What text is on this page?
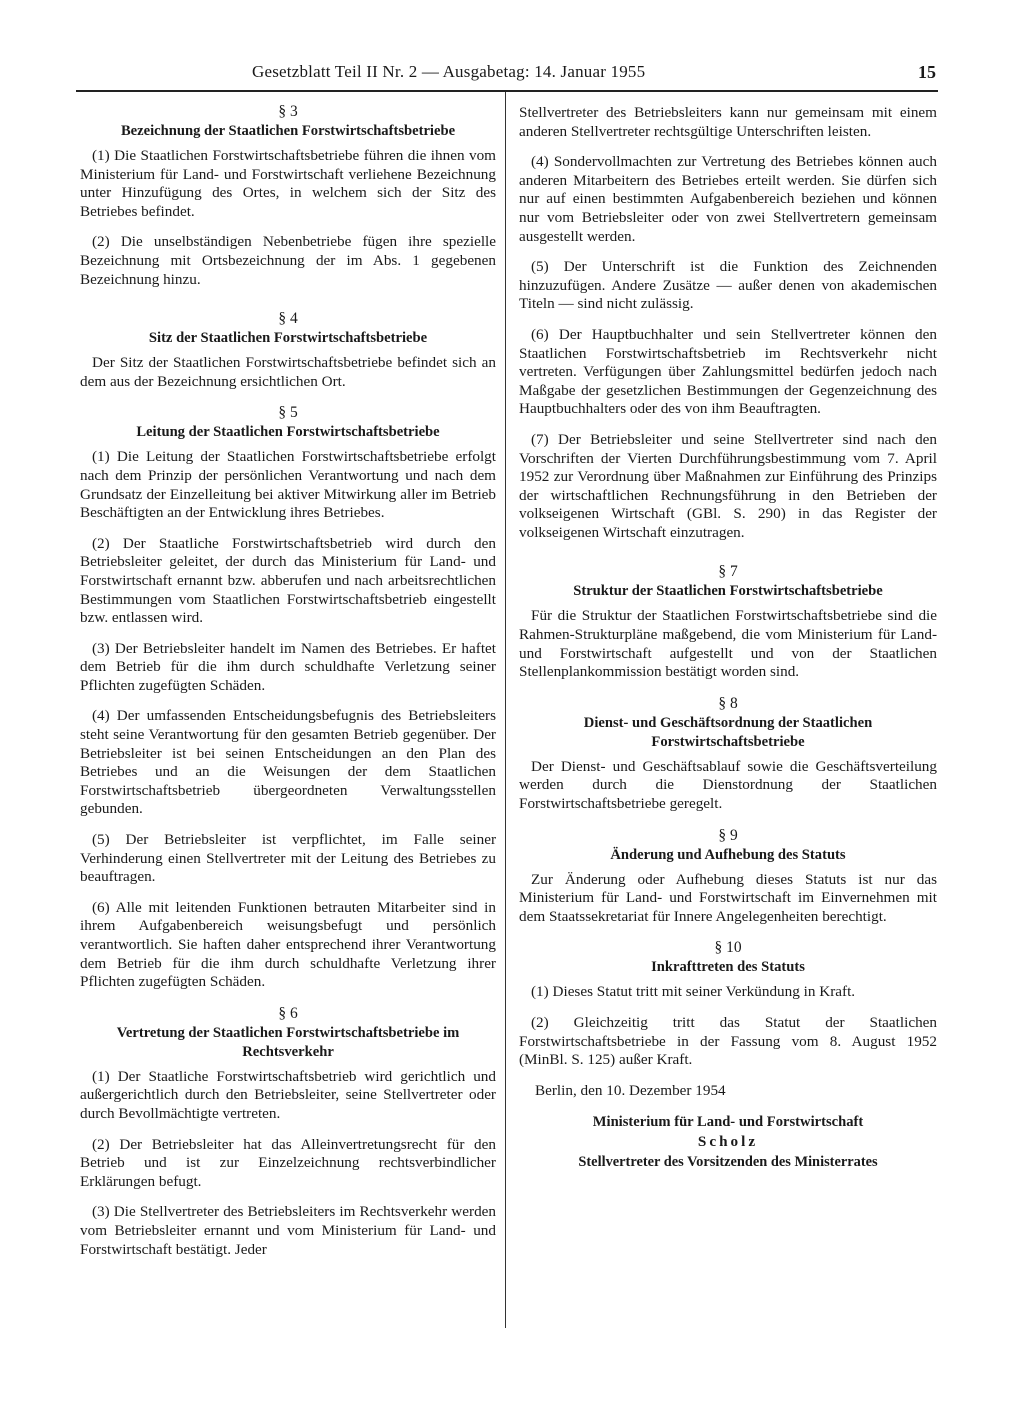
Gesetzblatt Teil II Nr. 2 — Ausgabetag: 14. Januar 1955	15

§ 3

Bezeichnung der Staatlichen Forstwirtschaftsbetriebe

(1) Die Staatlichen Forstwirtschaftsbetriebe führen die ihnen vom Ministerium für Land- und Forstwirtschaft verliehene Bezeichnung unter Hinzufügung des Ortes, in welchem sich der Sitz des Betriebes befindet.

(2) Die unselbständigen Nebenbetriebe fügen ihre spezielle Bezeichnung mit Ortsbezeichnung der im Abs. 1 gegebenen Bezeichnung hinzu.

§ 4

Sitz der Staatlichen Forstwirtschaftsbetriebe

Der Sitz der Staatlichen Forstwirtschaftsbetriebe befindet sich an dem aus der Bezeichnung ersichtlichen Ort.

§ 5

Leitung der Staatlichen Forstwirtschaftsbetriebe

(1) Die Leitung der Staatlichen Forstwirtschaftsbetriebe erfolgt nach dem Prinzip der persönlichen Verantwortung und nach dem Grundsatz der Einzelleitung bei aktiver Mitwirkung aller im Betrieb Beschäftigten an der Entwicklung ihres Betriebes.

(2) Der Staatliche Forstwirtschaftsbetrieb wird durch den Betriebsleiter geleitet, der durch das Ministerium für Land- und Forstwirtschaft ernannt bzw. abberufen und nach arbeitsrechtlichen Bestimmungen vom Staatlichen Forstwirtschaftsbetrieb eingestellt bzw. entlassen wird.

(3) Der Betriebsleiter handelt im Namen des Betriebes. Er haftet dem Betrieb für die ihm durch schuldhafte Verletzung seiner Pflichten zugefügten Schäden.

(4) Der umfassenden Entscheidungsbefugnis des Betriebsleiters steht seine Verantwortung für den gesamten Betrieb gegenüber. Der Betriebsleiter ist bei seinen Entscheidungen an den Plan des Betriebes und an die Weisungen der dem Staatlichen Forstwirtschaftsbetrieb übergeordneten Verwaltungsstellen gebunden.

(5) Der Betriebsleiter ist verpflichtet, im Falle seiner Verhinderung einen Stellvertreter mit der Leitung des Betriebes zu beauftragen.

(6) Alle mit leitenden Funktionen betrauten Mitarbeiter sind in ihrem Aufgabenbereich weisungsbefugt und persönlich verantwortlich. Sie haften daher entsprechend ihrer Verantwortung dem Betrieb für die ihm durch schuldhafte Verletzung ihrer Pflichten zugefügten Schäden.

§ 6

Vertretung der Staatlichen Forstwirtschaftsbetriebe im Rechtsverkehr

(1) Der Staatliche Forstwirtschaftsbetrieb wird gerichtlich und außergerichtlich durch den Betriebsleiter, seine Stellvertreter oder durch Bevollmächtigte vertreten.

(2) Der Betriebsleiter hat das Alleinvertretungsrecht für den Betrieb und ist zur Einzelzeichnung rechtsverbindlicher Erklärungen befugt.

(3) Die Stellvertreter des Betriebsleiters im Rechtsverkehr werden vom Betriebsleiter ernannt und vom Ministerium für Land- und Forstwirtschaft bestätigt. Jeder

Stellvertreter des Betriebsleiters kann nur gemeinsam mit einem anderen Stellvertreter rechtsgültige Unterschriften leisten.

(4) Sondervollmachten zur Vertretung des Betriebes können auch anderen Mitarbeitern des Betriebes erteilt werden. Sie dürfen sich nur auf einen bestimmten Aufgabenbereich beziehen und können nur vom Betriebsleiter oder von zwei Stellvertretern gemeinsam ausgestellt werden.

(5) Der Unterschrift ist die Funktion des Zeichnenden hinzuzufügen. Andere Zusätze — außer denen von akademischen Titeln — sind nicht zulässig.

(6) Der Hauptbuchhalter und sein Stellvertreter können den Staatlichen Forstwirtschaftsbetrieb im Rechtsverkehr nicht vertreten. Verfügungen über Zahlungsmittel bedürfen jedoch nach Maßgabe der gesetzlichen Bestimmungen der Gegenzeichnung des Hauptbuchhalters oder des von ihm Beauftragten.

(7) Der Betriebsleiter und seine Stellvertreter sind nach den Vorschriften der Vierten Durchführungsbestimmung vom 7. April 1952 zur Verordnung über Maßnahmen zur Einführung des Prinzips der wirtschaftlichen Rechnungsführung in den Betrieben der volkseigenen Wirtschaft (GBl. S. 290) in das Register der volkseigenen Wirtschaft einzutragen.

§ 7

Struktur der Staatlichen Forstwirtschaftsbetriebe

Für die Struktur der Staatlichen Forstwirtschaftsbetriebe sind die Rahmen-Strukturpläne maßgebend, die vom Ministerium für Land- und Forstwirtschaft aufgestellt und von der Staatlichen Stellenplankommission bestätigt worden sind.

§ 8

Dienst- und Geschäftsordnung der Staatlichen Forstwirtschaftsbetriebe

Der Dienst- und Geschäftsablauf sowie die Geschäftsverteilung werden durch die Dienstordnung der Staatlichen Forstwirtschaftsbetriebe geregelt.

§ 9

Änderung und Aufhebung des Statuts

Zur Änderung oder Aufhebung dieses Statuts ist nur das Ministerium für Land- und Forstwirtschaft im Einvernehmen mit dem Staatssekretariat für Innere Angelegenheiten berechtigt.

§ 10

Inkrafttreten des Statuts

(1) Dieses Statut tritt mit seiner Verkündung in Kraft.

(2) Gleichzeitig tritt das Statut der Staatlichen Forstwirtschaftsbetriebe in der Fassung vom 8. August 1952 (MinBl. S. 125) außer Kraft.

Berlin, den 10. Dezember 1954

Ministerium für Land- und Forstwirtschaft

Scholz

Stellvertreter des Vorsitzenden des Ministerrates
